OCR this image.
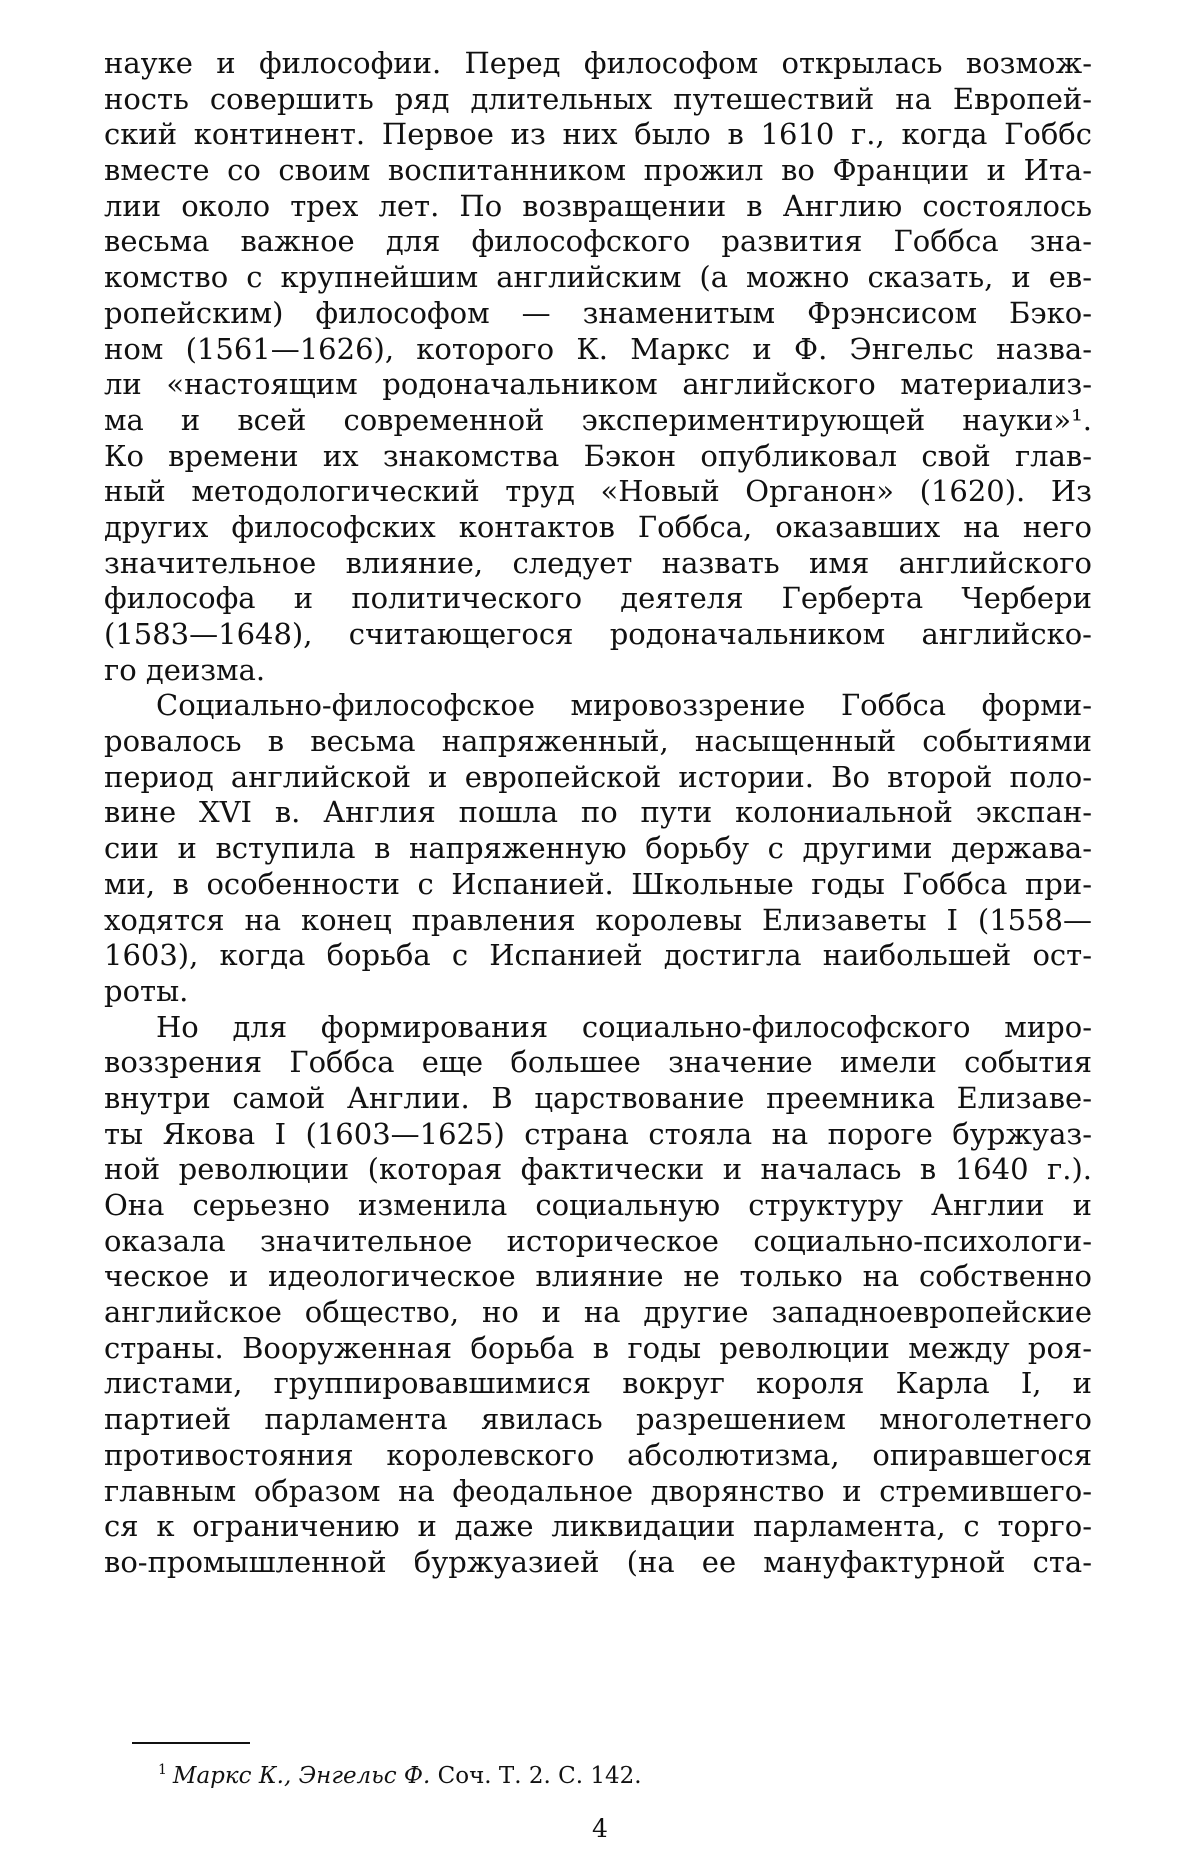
науке и философии. Перед философом открылась возмож-
ность совершить ряд длительных путешествий на Европей-
ский континент. Первое из них было в 1610 г., когда Гоббс
вместе со своим воспитанником прожил во Франции и Ита-
лии около трех лет. По возвращении в Англию состоялось
весьма важное для философского развития Гоббса зна-
комство с крупнейшим английским (а можно сказать, и ев-
ропейским) философом — знаменитым Фрэнсисом Бэко-
ном (1561—1626), которого К. Маркс и Ф. Энгельс назва-
ли «настоящим родоначальником английского материализ-
ма и всей современной экспериментирующей науки»¹.
Ко времени их знакомства Бэкон опубликовал свой глав-
ный методологический труд «Новый Органон» (1620). Из
других философских контактов Гоббса, оказавших на него
значительное влияние, следует назвать имя английского
философа и политического деятеля Герберта Чербери
(1583—1648), считающегося родоначальником английско-
го деизма.
Социально-философское мировоззрение Гоббса форми-
ровалось в весьма напряженный, насыщенный событиями
период английской и европейской истории. Во второй поло-
вине XVI в. Англия пошла по пути колониальной экспан-
сии и вступила в напряженную борьбу с другими держава-
ми, в особенности с Испанией. Школьные годы Гоббса при-
ходятся на конец правления королевы Елизаветы I (1558—
1603), когда борьба с Испанией достигла наибольшей ост-
роты.
Но для формирования социально-философского миро-
воззрения Гоббса еще большее значение имели события
внутри самой Англии. В царствование преемника Елизаве-
ты Якова I (1603—1625) страна стояла на пороге буржуаз-
ной революции (которая фактически и началась в 1640 г.).
Она серьезно изменила социальную структуру Англии и
оказала значительное историческое социально-психологи-
ческое и идеологическое влияние не только на собственно
английское общество, но и на другие западноевропейские
страны. Вооруженная борьба в годы революции между роя-
листами, группировавшимися вокруг короля Карла I, и
партией парламента явилась разрешением многолетнего
противостояния королевского абсолютизма, опиравшегося
главным образом на феодальное дворянство и стремившего-
ся к ограничению и даже ликвидации парламента, с торго-
во-промышленной буржуазией (на ее мануфактурной ста-
$^1$ Маркс К., Энгельс Ф. Соч. Т. 2. С. 142.
4
